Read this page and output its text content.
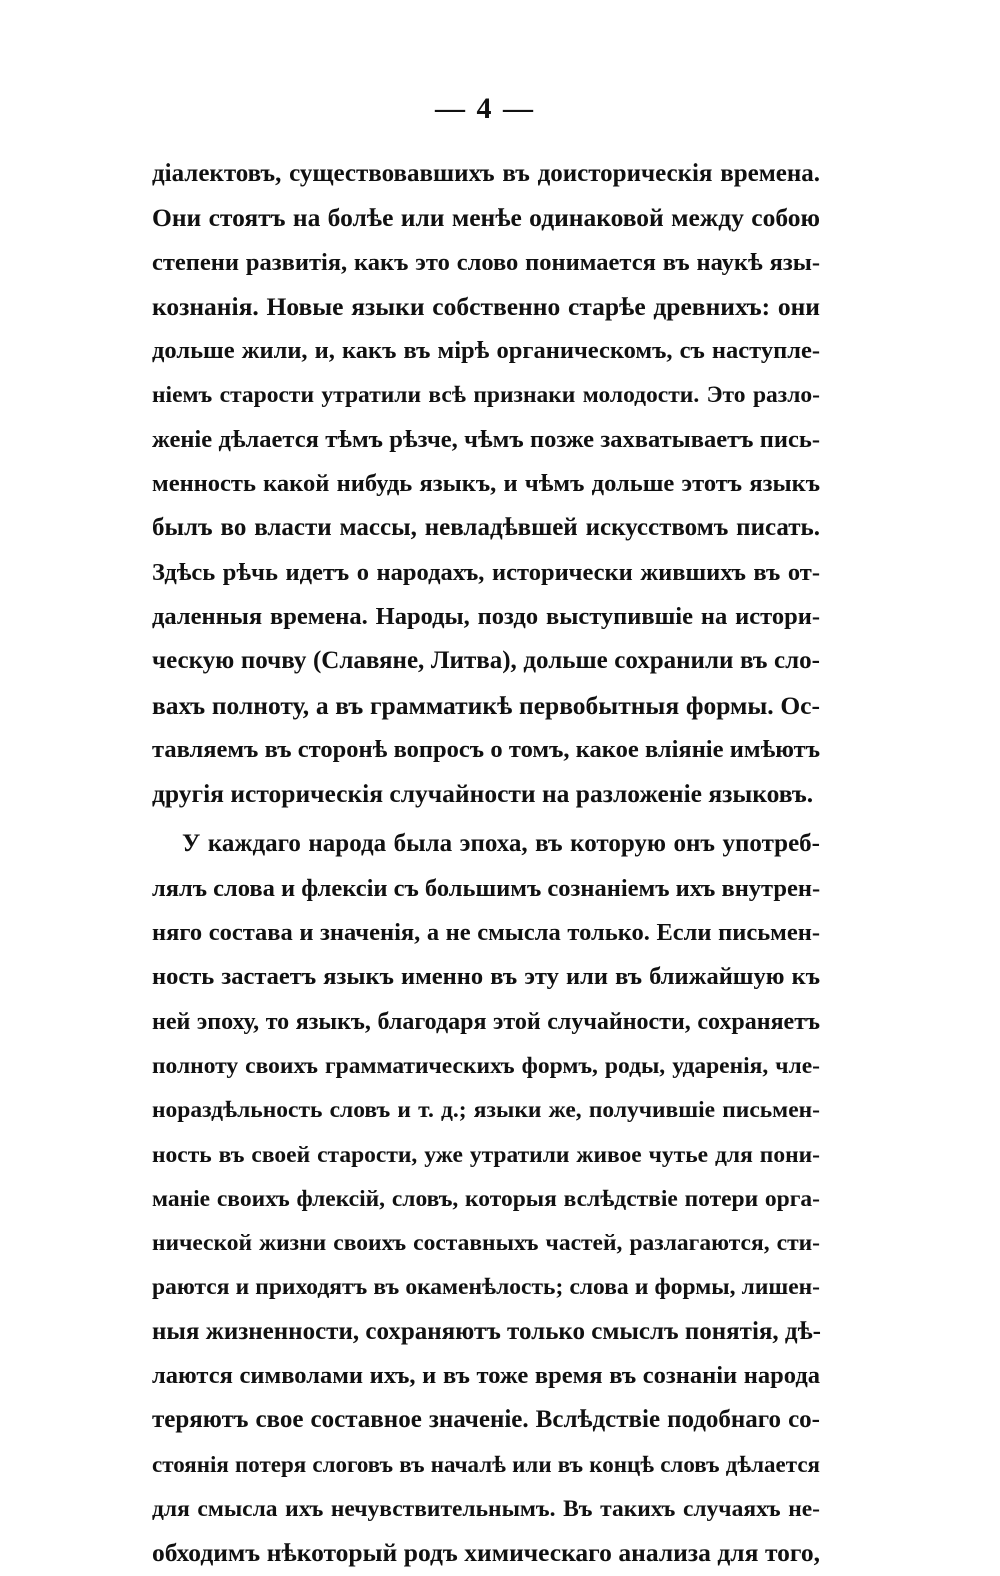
— 4 —
діалектовъ, существовавшихъ въ доисторическія времена.
Они стоятъ на болѣе или менѣе одинаковой между собою
степени развитія, какъ это слово понимается въ наукѣ язы-
кознанія. Новые языки собственно старѣе древнихъ: они
дольше жили, и, какъ въ мірѣ органическомъ, съ наступле-
ніемъ старости утратили всѣ признаки молодости. Это разло-
женіе дѣлается тѣмъ рѣзче, чѣмъ позже захватываетъ пись-
менность какой нибудь языкъ, и чѣмъ дольше этотъ языкъ
былъ во власти массы, невладѣвшей искусствомъ писать.
Здѣсь рѣчь идетъ о народахъ, исторически жившихъ въ от-
даленныя времена. Народы, поздо выступившіе на истори-
ческую почву (Славяне, Литва), дольше сохранили въ сло-
вахъ полноту, а въ грамматикѣ первобытныя формы. Ос-
тавляемъ въ сторонѣ вопросъ о томъ, какое вліяніе имѣютъ
другія историческія случайности на разложеніе языковъ.
У каждаго народа была эпоха, въ которую онъ употреб-
лялъ слова и флексіи съ большимъ сознаніемъ ихъ внутрен-
няго состава и значенія, а не смысла только. Если письмен-
ность застаетъ языкъ именно въ эту или въ ближайшую къ
ней эпоху, то языкъ, благодаря этой случайности, сохраняетъ
полноту своихъ грамматическихъ формъ, роды, ударенія, чле-
нораздѣльность словъ и т. д.; языки же, получившіе письмен-
ность въ своей старости, уже утратили живое чутье для пони-
маніе своихъ флексій, словъ, которыя вслѣдствіе потери орга-
нической жизни своихъ составныхъ частей, разлагаются, сти-
раются и приходятъ въ окаменѣлость; слова и формы, лишен-
ныя жизненности, сохраняютъ только смыслъ понятія, дѣ-
лаются символами ихъ, и въ тоже время въ сознаніи народа
теряютъ свое составное значеніе. Вслѣдствіе подобнаго со-
стоянія потеря слоговъ въ началѣ или въ концѣ словъ дѣлается
для смысла ихъ нечувствительнымъ. Въ такихъ случаяхъ не-
обходимъ нѣкоторый родъ химическаго анализа для того,
